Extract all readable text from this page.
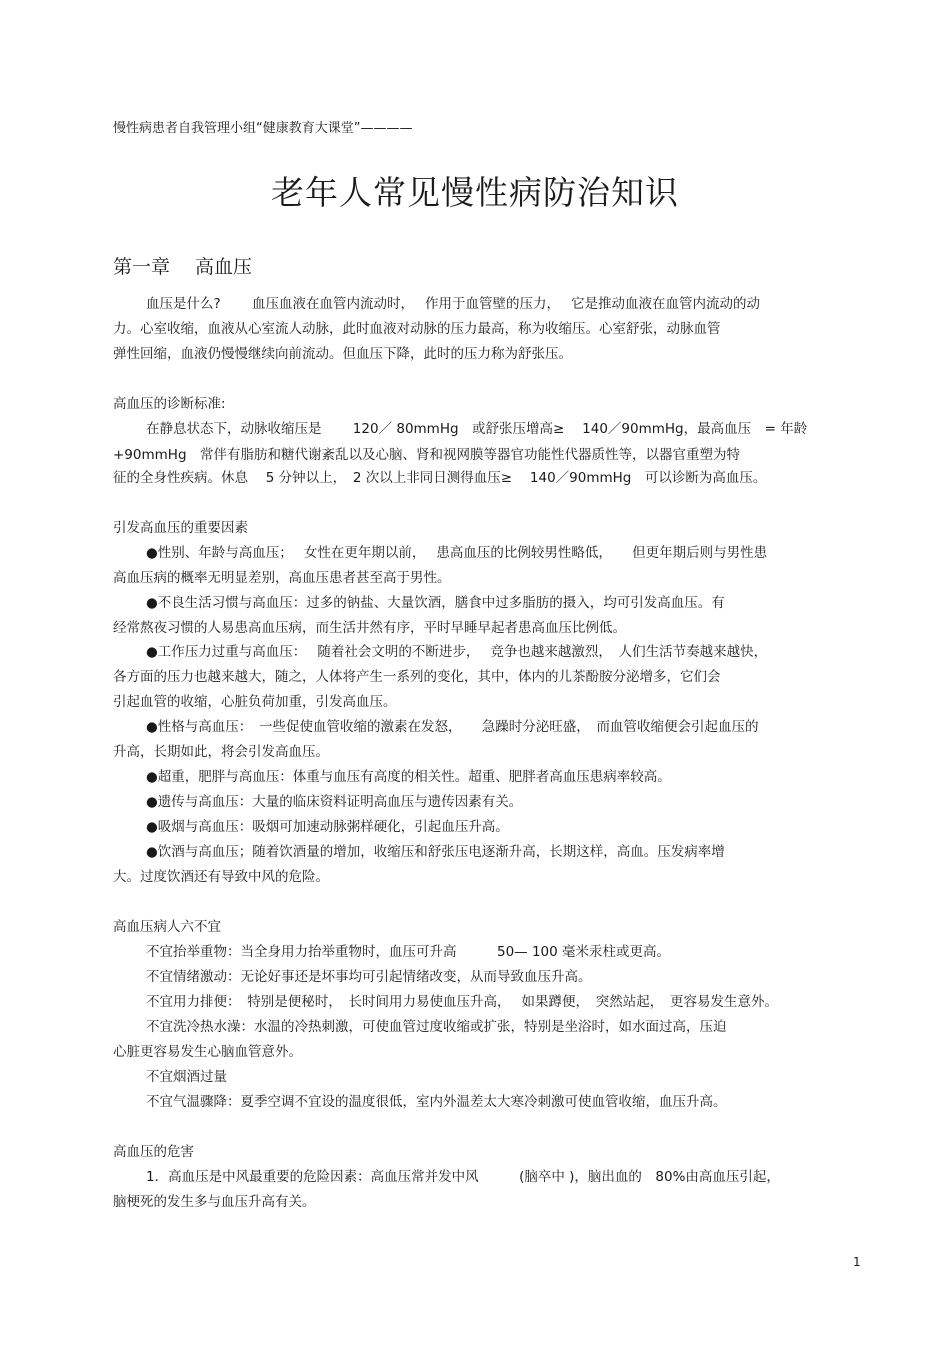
慢性病患者自我管理小组“健康教育大课堂”————
老年人常见慢性病防治知识
第一章　 高血压
血压是什么?　　 血压血液在血管内流动时，　 作用于血管壁的压力，　 它是推动血液在血管内流动的动
力。心室收缩，血液从心室流人动脉，此时血液对动脉的压力最高，称为收缩压。心室舒张，动脉血管
弹性回缩，血液仍慢慢继续向前流动。但血压下降，此时的压力称为舒张压。
高血压的诊断标准:
在静息状态下，动脉收缩压是　　 120／ 80mmHg　或舒张压增高≥　 140／90mmHg，最高血压　= 年龄
+90mmHg　常伴有脂肪和糖代谢紊乱以及心脑、肾和视网膜等器官功能性代器质性等，以器官重塑为特
征的全身性疾病。休息　 5 分钟以上，　2 次以上非同日测得血压≥　 140／90mmHg　可以诊断为高血压。
引发高血压的重要因素
●性别、年龄与高血压；　 女性在更年期以前，　 患高血压的比例较男性略低，　　但更年期后则与男性患
高血压病的概率无明显差别，高血压患者甚至高于男性。
●不良生活习惯与高血压：过多的钠盐、大量饮酒，膳食中过多脂肪的摄入，均可引发高血压。有
经常熬夜习惯的人易患高血压病，而生活井然有序，平时早睡早起者患高血压比例低。
●工作压力过重与高血压：　 随着社会文明的不断进步，　 竞争也越来越激烈，　人们生活节奏越来越快，
各方面的压力也越来越大，随之，人体将产生一系列的变化，其中，体内的儿茶酚胺分泌增多，它们会
引起血管的收缩，心脏负荷加重，引发高血压。
●性格与高血压：　一些促使血管收缩的激素在发怒，　　急躁时分泌旺盛，　而血管收缩便会引起血压的
升高，长期如此，将会引发高血压。
●超重，肥胖与高血压：体重与血压有高度的相关性。超重、肥胖者高血压患病率较高。
●遗传与高血压：大量的临床资料证明高血压与遗传因素有关。
●吸烟与高血压：吸烟可加速动脉粥样硬化，引起血压升高。
●饮酒与高血压；随着饮酒量的增加，收缩压和舒张压电逐渐升高，长期这样，高血。压发病率增
大。过度饮酒还有导致中风的危险。
高血压病人六不宜
不宜抬举重物：当全身用力抬举重物时，血压可升高　　　50— 100 毫米汞柱或更高。
不宜情绪激动：无论好事还是坏事均可引起情绪改变，从而导致血压升高。
不宜用力排便：　特别是便秘时，　长时间用力易使血压升高，　 如果蹲便，　突然站起，　更容易发生意外。
不宜洗冷热水澡：水温的冷热刺激，可使血管过度收缩或扩张，特别是坐浴时，如水面过高，压迫
心脏更容易发生心脑血管意外。
不宜烟酒过量
不宜气温骤降：夏季空调不宜设的温度很低，室内外温差太大寒冷刺激可使血管收缩，血压升高。
高血压的危害
1．高血压是中风最重要的危险因素：高血压常并发中风　　　(脑卒中 )，脑出血的　80%由高血压引起，
脑梗死的发生多与血压升高有关。
1
